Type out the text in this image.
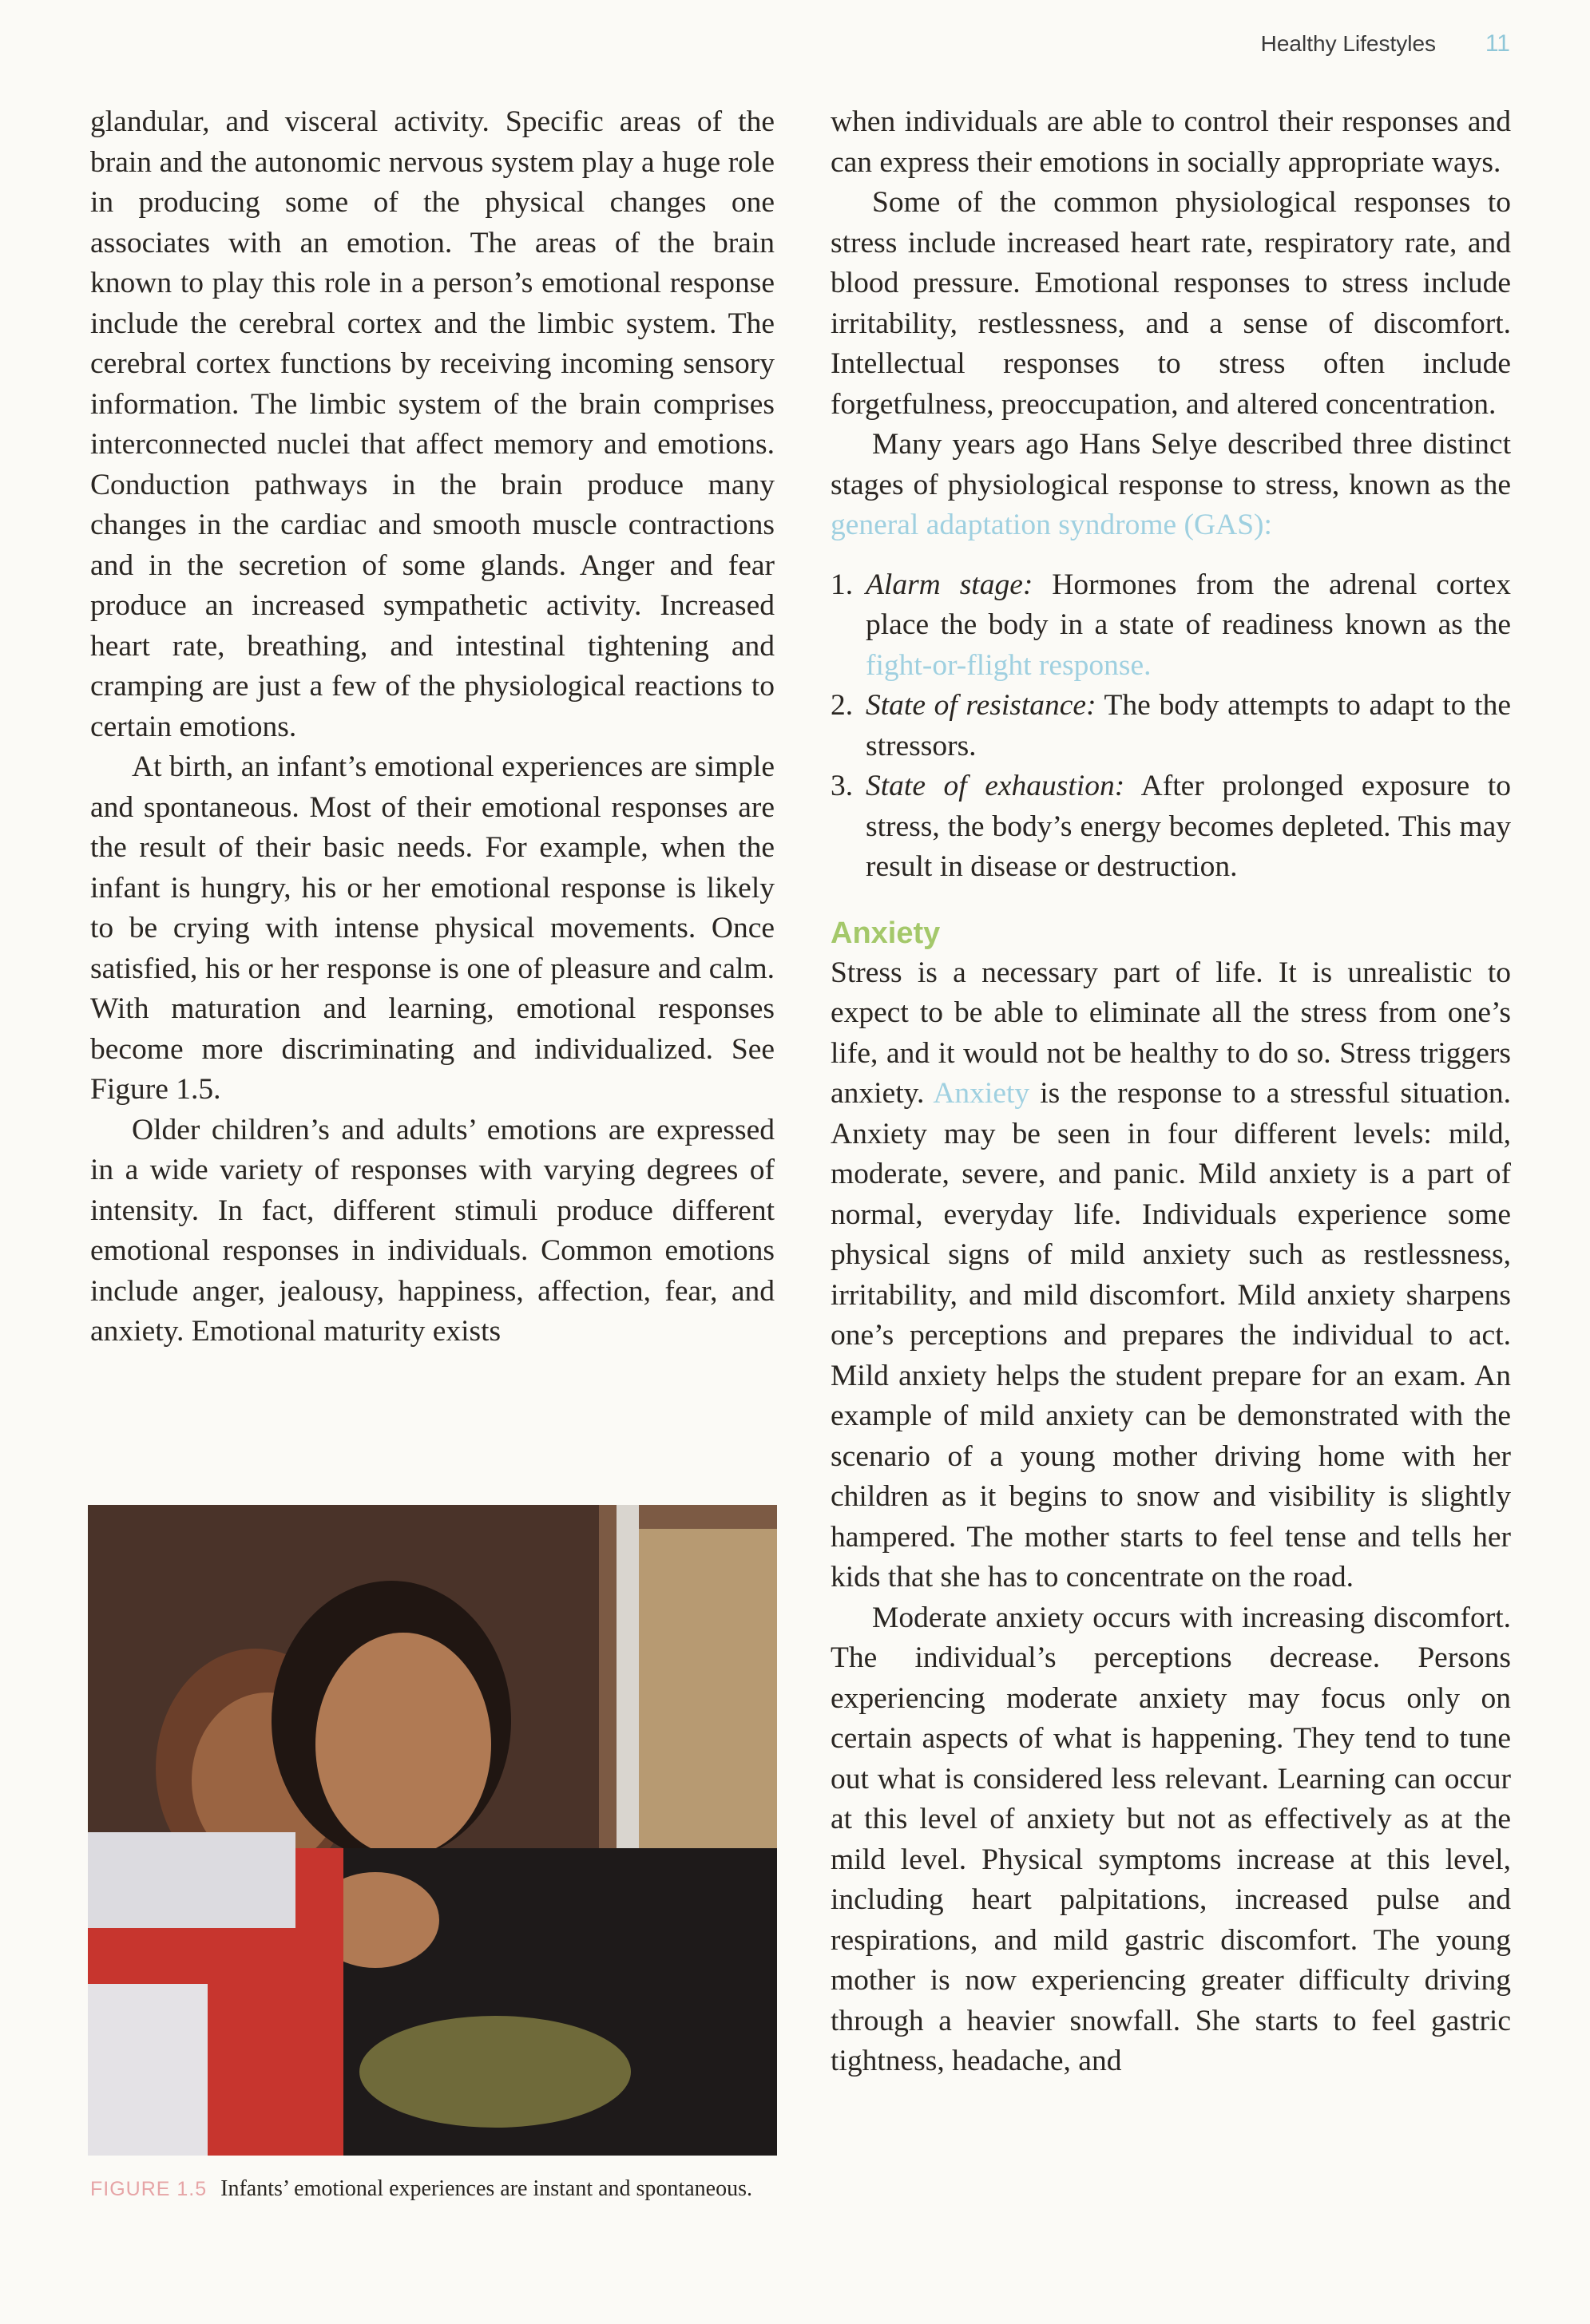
Healthy Lifestyles 11

glandular, and visceral activity. Specific areas of the brain and the autonomic nervous system play a huge role in producing some of the physical changes one associates with an emotion. The areas of the brain known to play this role in a person’s emotional response include the cerebral cortex and the limbic system. The cerebral cortex functions by receiving incoming sensory information. The limbic system of the brain comprises interconnected nuclei that affect memory and emotions. Conduction pathways in the brain produce many changes in the cardiac and smooth muscle contractions and in the secretion of some glands. Anger and fear produce an increased sympathetic activity. Increased heart rate, breathing, and intestinal tightening and cramping are just a few of the physiological reactions to certain emotions.

At birth, an infant’s emotional experiences are simple and spontaneous. Most of their emotional responses are the result of their basic needs. For example, when the infant is hungry, his or her emotional response is likely to be crying with intense physical movements. Once satisfied, his or her response is one of pleasure and calm. With maturation and learning, emotional responses become more discriminating and individualized. See Figure 1.5.

Older children’s and adults’ emotions are expressed in a wide variety of responses with varying degrees of intensity. In fact, different stimuli produce different emotional responses in individuals. Common emotions include anger, jealousy, happiness, affection, fear, and anxiety. Emotional maturity exists

FIGURE 1.5 Infants’ emotional experiences are instant and spontaneous.

when individuals are able to control their responses and can express their emotions in socially appropriate ways.

Some of the common physiological responses to stress include increased heart rate, respiratory rate, and blood pressure. Emotional responses to stress include irritability, restlessness, and a sense of discomfort. Intellectual responses to stress often include forgetfulness, preoccupation, and altered concentration.

Many years ago Hans Selye described three distinct stages of physiological response to stress, known as the general adaptation syndrome (GAS):

1. Alarm stage: Hormones from the adrenal cortex place the body in a state of readiness known as the fight-or-flight response.
2. State of resistance: The body attempts to adapt to the stressors.
3. State of exhaustion: After prolonged exposure to stress, the body’s energy becomes depleted. This may result in disease or destruction.
Anxiety

Stress is a necessary part of life. It is unrealistic to expect to be able to eliminate all the stress from one’s life, and it would not be healthy to do so. Stress triggers anxiety. Anxiety is the response to a stressful situation. Anxiety may be seen in four different levels: mild, moderate, severe, and panic. Mild anxiety is a part of normal, everyday life. Individuals experience some physical signs of mild anxiety such as restlessness, irritability, and mild discomfort. Mild anxiety sharpens one’s perceptions and prepares the individual to act. Mild anxiety helps the student prepare for an exam. An example of mild anxiety can be demonstrated with the scenario of a young mother driving home with her children as it begins to snow and visibility is slightly hampered. The mother starts to feel tense and tells her kids that she has to concentrate on the road.

Moderate anxiety occurs with increasing discomfort. The individual’s perceptions decrease. Persons experiencing moderate anxiety may focus only on certain aspects of what is happening. They tend to tune out what is considered less relevant. Learning can occur at this level of anxiety but not as effectively as at the mild level. Physical symptoms increase at this level, including heart palpitations, increased pulse and respirations, and mild gastric discomfort. The young mother is now experiencing greater difficulty driving through a heavier snowfall. She starts to feel gastric tightness, headache, and
